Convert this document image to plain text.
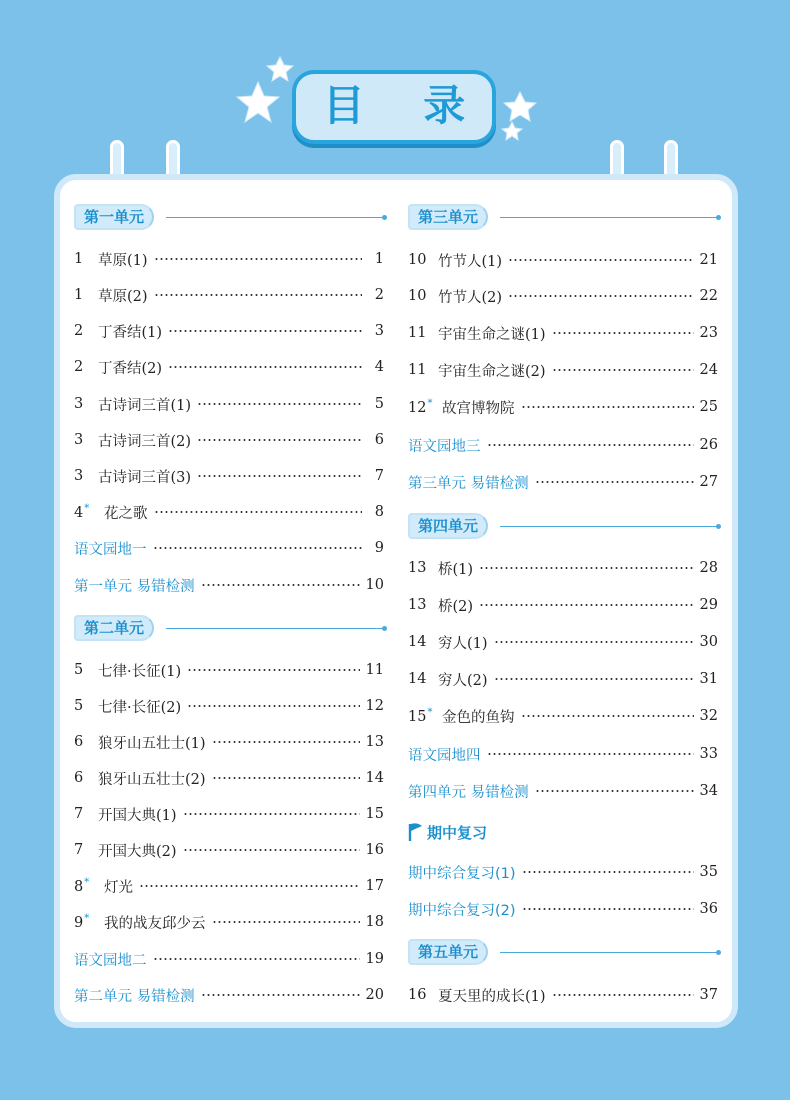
目 录
第一单元
1	草原(1)	1
1	草原(2)	2
2	丁香结(1)	3
2	丁香结(2)	4
3	古诗词三首(1)	5
3	古诗词三首(2)	6
3	古诗词三首(3)	7
4*	花之歌	8
语文园地一	9
第一单元 易错检测	10
第二单元
5	七律·长征(1)	11
5	七律·长征(2)	12
6	狼牙山五壮士(1)	13
6	狼牙山五壮士(2)	14
7	开国大典(1)	15
7	开国大典(2)	16
8*	灯光	17
9*	我的战友邱少云	18
语文园地二	19
第二单元 易错检测	20
第三单元
10 竹节人(1)	21
10 竹节人(2)	22
11 宇宙生命之谜(1)	23
11 宇宙生命之谜(2)	24
12* 故宫博物院	25
语文园地三	26
第三单元 易错检测	27
第四单元
13 桥(1)	28
13 桥(2)	29
14 穷人(1)	30
14 穷人(2)	31
15* 金色的鱼钩	32
语文园地四	33
第四单元 易错检测	34
期中复习
期中综合复习(1)	35
期中综合复习(2)	36
第五单元
16 夏天里的成长(1)	37
